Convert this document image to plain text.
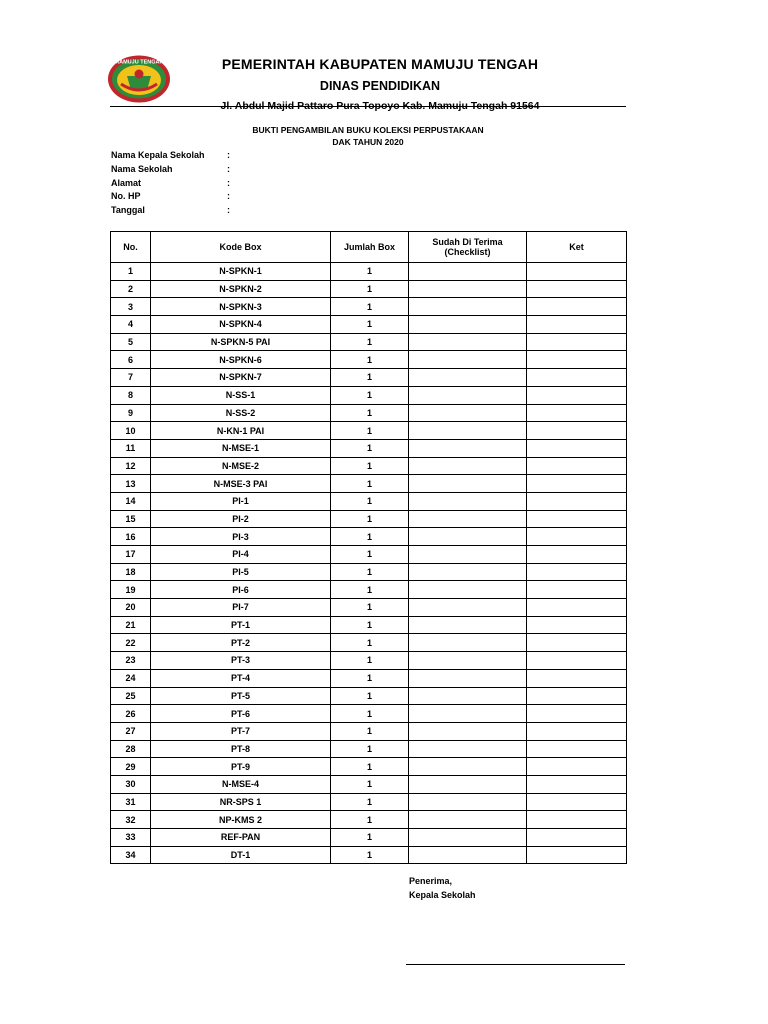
MAMUJU TENGAH	PEMERINTAH KABUPATEN MAMUJU TENGAH
DINAS PENDIDIKAN
Jl. Abdul Majid Pattaro Pura Topoyo Kab. Mamuju Tengah 91564
BUKTI PENGAMBILAN BUKU KOLEKSI PERPUSTAKAAN
DAK TAHUN 2020
Nama Kepala Sekolah	:
Nama Sekolah	:
Alamat	:
No. HP	:
Tanggal	:
No.	Kode Box	Jumlah Box	Sudah Di Terima (Checklist)	Ket
1	N-SPKN-1	1		
2	N-SPKN-2	1		
3	N-SPKN-3	1		
4	N-SPKN-4	1		
5	N-SPKN-5 PAI	1		
6	N-SPKN-6	1		
7	N-SPKN-7	1		
8	N-SS-1	1		
9	N-SS-2	1		
10	N-KN-1 PAI	1		
11	N-MSE-1	1		
12	N-MSE-2	1		
13	N-MSE-3 PAI	1		
14	PI-1	1		
15	PI-2	1		
16	PI-3	1		
17	PI-4	1		
18	PI-5	1		
19	PI-6	1		
20	PI-7	1		
21	PT-1	1		
22	PT-2	1		
23	PT-3	1		
24	PT-4	1		
25	PT-5	1		
26	PT-6	1		
27	PT-7	1		
28	PT-8	1		
29	PT-9	1		
30	N-MSE-4	1		
31	NR-SPS 1	1		
32	NP-KMS 2	1		
33	REF-PAN	1		
34	DT-1	1		
Penerima,
Kepala Sekolah
